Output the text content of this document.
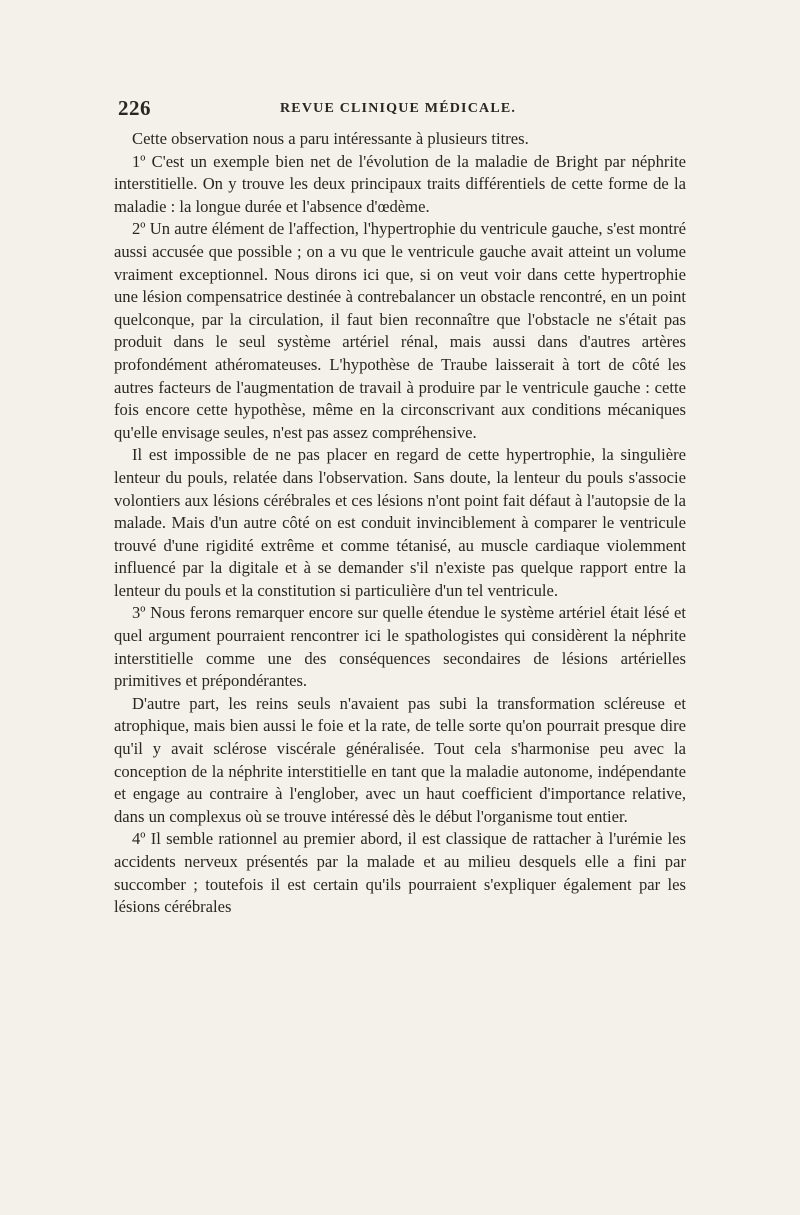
226	REVUE CLINIQUE MÉDICALE.

Cette observation nous a paru intéressante à plusieurs titres.

1º C'est un exemple bien net de l'évolution de la maladie de Bright par néphrite interstitielle. On y trouve les deux principaux traits différentiels de cette forme de la maladie : la longue durée et l'absence d'œdème.

2º Un autre élément de l'affection, l'hypertrophie du ventricule gauche, s'est montré aussi accusée que possible ; on a vu que le ventricule gauche avait atteint un volume vraiment exceptionnel. Nous dirons ici que, si on veut voir dans cette hypertrophie une lésion compensatrice destinée à contrebalancer un obstacle rencontré, en un point quelconque, par la circulation, il faut bien reconnaître que l'obstacle ne s'était pas produit dans le seul système artériel rénal, mais aussi dans d'autres artères profondément athéromateuses. L'hypothèse de Traube laisserait à tort de côté les autres facteurs de l'augmentation de travail à produire par le ventricule gauche : cette fois encore cette hypothèse, même en la circonscrivant aux conditions mécaniques qu'elle envisage seules, n'est pas assez compréhensive.

Il est impossible de ne pas placer en regard de cette hypertrophie, la singulière lenteur du pouls, relatée dans l'observation. Sans doute, la lenteur du pouls s'associe volontiers aux lésions cérébrales et ces lésions n'ont point fait défaut à l'autopsie de la malade. Mais d'un autre côté on est conduit invinciblement à comparer le ventricule trouvé d'une rigidité extrême et comme tétanisé, au muscle cardiaque violemment influencé par la digitale et à se demander s'il n'existe pas quelque rapport entre la lenteur du pouls et la constitution si particulière d'un tel ventricule.

3º Nous ferons remarquer encore sur quelle étendue le système artériel était lésé et quel argument pourraient rencontrer ici le spathologistes qui considèrent la néphrite interstitielle comme une des conséquences secondaires de lésions artérielles primitives et prépondérantes.

D'autre part, les reins seuls n'avaient pas subi la transformation scléreuse et atrophique, mais bien aussi le foie et la rate, de telle sorte qu'on pourrait presque dire qu'il y avait sclérose viscérale généralisée. Tout cela s'harmonise peu avec la conception de la néphrite interstitielle en tant que la maladie autonome, indépendante et engage au contraire à l'englober, avec un haut coefficient d'importance relative, dans un complexus où se trouve intéressé dès le début l'organisme tout entier.

4º Il semble rationnel au premier abord, il est classique de rattacher à l'urémie les accidents nerveux présentés par la malade et au milieu desquels elle a fini par succomber ; toutefois il est certain qu'ils pourraient s'expliquer également par les lésions cérébrales
